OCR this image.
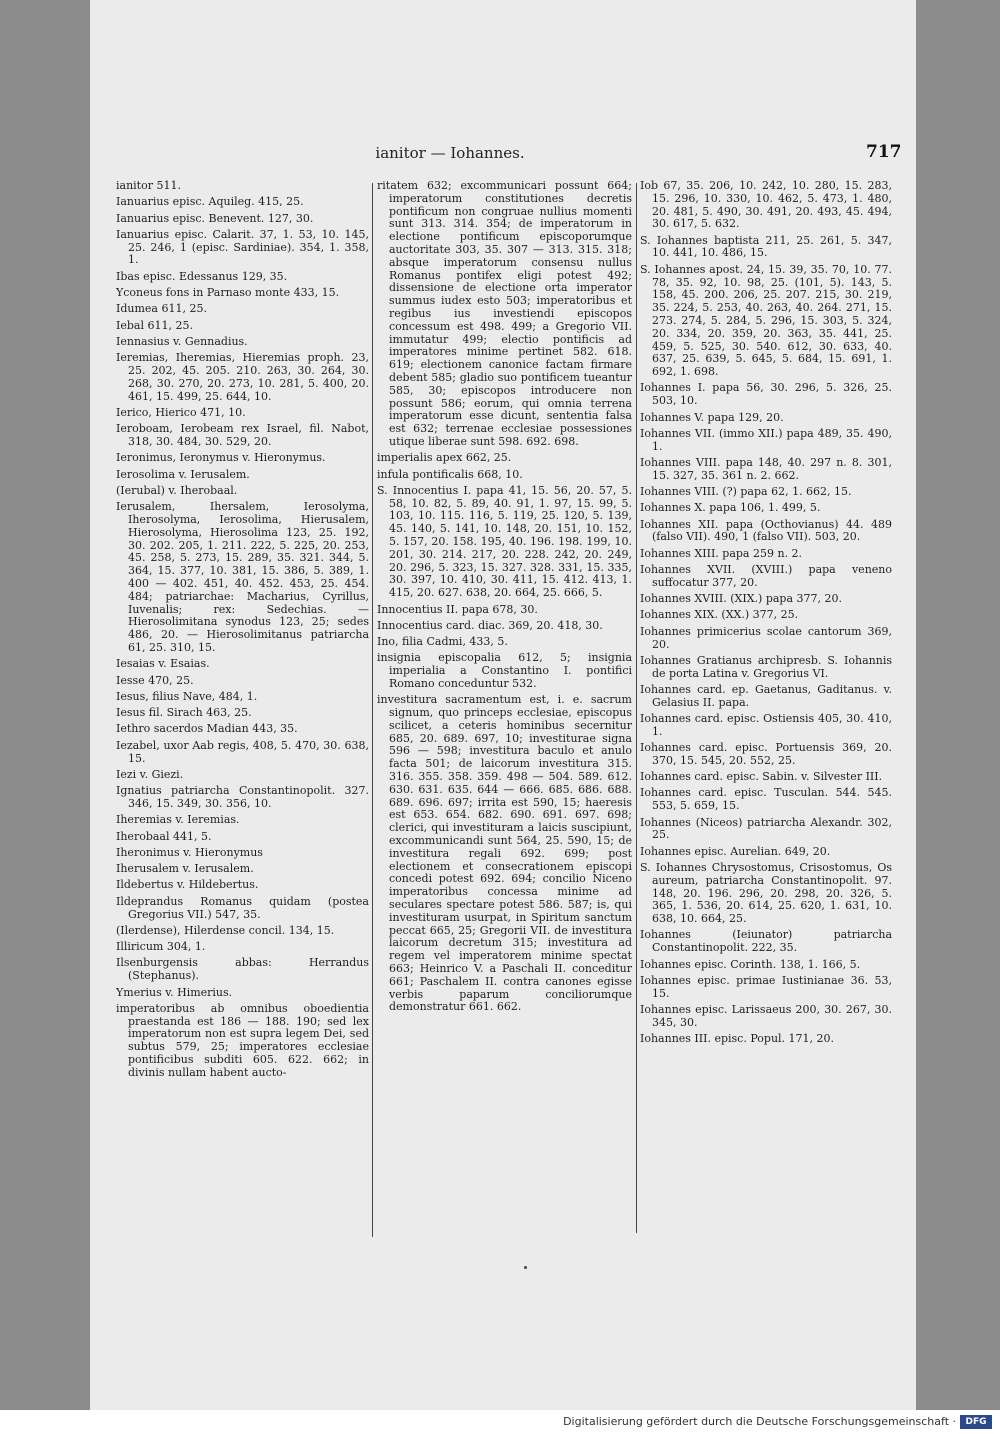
ianitor — Iohannes.	717

ianitor 511.

Ianuarius episc. Aquileg. 415, 25.

Ianuarius episc. Benevent. 127, 30.

Ianuarius episc. Calarit. 37, 1. 53, 10. 145, 25. 246, 1 (episc. Sardiniae). 354, 1. 358, 1.

Ibas episc. Edessanus 129, 35.

Yconeus fons in Parnaso monte 433, 15.

Idumea 611, 25.

Iebal 611, 25.

Iennasius v. Gennadius.

Ieremias, Iheremias, Hieremias proph. 23, 25. 202, 45. 205. 210. 263, 30. 264, 30. 268, 30. 270, 20. 273, 10. 281, 5. 400, 20. 461, 15. 499, 25. 644, 10.

Ierico, Hierico 471, 10.

Ieroboam, Ierobeam rex Israel, fil. Nabot, 318, 30. 484, 30. 529, 20.

Ieronimus, Ieronymus v. Hieronymus.

Ierosolima v. Ierusalem.

(Ierubal) v. Iherobaal.

Ierusalem, Ihersalem, Ierosolyma, Iherosolyma, Ierosolima, Hierusalem, Hierosolyma, Hierosolima 123, 25. 192, 30. 202. 205, 1. 211. 222, 5. 225, 20. 253, 45. 258, 5. 273, 15. 289, 35. 321. 344, 5. 364, 15. 377, 10. 381, 15. 386, 5. 389, 1. 400 — 402. 451, 40. 452. 453, 25. 454. 484; patriarchae: Macharius, Cyrillus, Iuvenalis; rex: Sedechias. — Hierosolimitana synodus 123, 25; sedes 486, 20. — Hierosolimitanus patriarcha 61, 25. 310, 15.

Iesaias v. Esaias.

Iesse 470, 25.

Iesus, filius Nave, 484, 1.

Iesus fil. Sirach 463, 25.

Iethro sacerdos Madian 443, 35.

Iezabel, uxor Aab regis, 408, 5. 470, 30. 638, 15.

Iezi v. Giezi.

Ignatius patriarcha Constantinopolit. 327. 346, 15. 349, 30. 356, 10.

Iheremias v. Ieremias.

Iherobaal 441, 5.

Iheronimus v. Hieronymus

Iherusalem v. Ierusalem.

Ildebertus v. Hildebertus.

Ildeprandus Romanus quidam (postea Gregorius VII.) 547, 35.

(Ilerdense), Hilerdense concil. 134, 15.

Illiricum 304, 1.

Ilsenburgensis abbas: Herrandus (Stephanus).

Ymerius v. Himerius.

imperatoribus ab omnibus oboedientia praestanda est 186 — 188. 190; sed lex imperatorum non est supra legem Dei, sed subtus 579, 25; imperatores ecclesiae pontificibus subditi 605. 622. 662; in divinis nullam habent aucto-

ritatem 632; excommunicari possunt 664; imperatorum constitutiones decretis pontificum non congruae nullius momenti sunt 313. 314. 354; de imperatorum in electione pontificum episcoporumque auctoritate 303, 35. 307 — 313. 315. 318; absque imperatorum consensu nullus Romanus pontifex eligi potest 492; dissensione de electione orta imperator summus iudex esto 503; imperatoribus et regibus ius investiendi episcopos concessum est 498. 499; a Gregorio VII. immutatur 499; electio pontificis ad imperatores minime pertinet 582. 618. 619; electionem canonice factam firmare debent 585; gladio suo pontificem tueantur 585, 30; episcopos introducere non possunt 586; eorum, qui omnia terrena imperatorum esse dicunt, sententia falsa est 632; terrenae ecclesiae possessiones utique liberae sunt 598. 692. 698.

imperialis apex 662, 25.

infula pontificalis 668, 10.

S. Innocentius I. papa 41, 15. 56, 20. 57, 5. 58, 10. 82, 5. 89, 40. 91, 1. 97, 15. 99, 5. 103, 10. 115. 116, 5. 119, 25. 120, 5. 139, 45. 140, 5. 141, 10. 148, 20. 151, 10. 152, 5. 157, 20. 158. 195, 40. 196. 198. 199, 10. 201, 30. 214. 217, 20. 228. 242, 20. 249, 20. 296, 5. 323, 15. 327. 328. 331, 15. 335, 30. 397, 10. 410, 30. 411, 15. 412. 413, 1. 415, 20. 627. 638, 20. 664, 25. 666, 5.

Innocentius II. papa 678, 30.

Innocentius card. diac. 369, 20. 418, 30.

Ino, filia Cadmi, 433, 5.

insignia episcopalia 612, 5; insignia imperialia a Constantino I. pontifici Romano conceduntur 532.

investitura sacramentum est, i. e. sacrum signum, quo princeps ecclesiae, episcopus scilicet, a ceteris hominibus secernitur 685, 20. 689. 697, 10; investiturae signa 596 — 598; investitura baculo et anulo facta 501; de laicorum investitura 315. 316. 355. 358. 359. 498 — 504. 589. 612. 630. 631. 635. 644 — 666. 685. 686. 688. 689. 696. 697; irrita est 590, 15; haeresis est 653. 654. 682. 690. 691. 697. 698; clerici, qui investituram a laicis suscipiunt, excommunicandi sunt 564, 25. 590, 15; de investitura regali 692. 699; post electionem et consecrationem episcopi concedi potest 692. 694; concilio Niceno imperatoribus concessa minime ad seculares spectare potest 586. 587; is, qui investituram usurpat, in Spiritum sanctum peccat 665, 25; Gregorii VII. de investitura laicorum decretum 315; investitura ad regem vel imperatorem minime spectat 663; Heinrico V. a Paschali II. conceditur 661; Paschalem II. contra canones egisse verbis paparum conciliorumque demonstratur 661. 662.

Iob 67, 35. 206, 10. 242, 10. 280, 15. 283, 15. 296, 10. 330, 10. 462, 5. 473, 1. 480, 20. 481, 5. 490, 30. 491, 20. 493, 45. 494, 30. 617, 5. 632.

S. Iohannes baptista 211, 25. 261, 5. 347, 10. 441, 10. 486, 15.

S. Iohannes apost. 24, 15. 39, 35. 70, 10. 77. 78, 35. 92, 10. 98, 25. (101, 5). 143, 5. 158, 45. 200. 206, 25. 207. 215, 30. 219, 35. 224, 5. 253, 40. 263, 40. 264. 271, 15. 273. 274, 5. 284, 5. 296, 15. 303, 5. 324, 20. 334, 20. 359, 20. 363, 35. 441, 25. 459, 5. 525, 30. 540. 612, 30. 633, 40. 637, 25. 639, 5. 645, 5. 684, 15. 691, 1. 692, 1. 698.

Iohannes I. papa 56, 30. 296, 5. 326, 25. 503, 10.

Iohannes V. papa 129, 20.

Iohannes VII. (immo XII.) papa 489, 35. 490, 1.

Iohannes VIII. papa 148, 40. 297 n. 8. 301, 15. 327, 35. 361 n. 2. 662.

Iohannes VIII. (?) papa 62, 1. 662, 15.

Iohannes X. papa 106, 1. 499, 5.

Iohannes XII. papa (Octhovianus) 44. 489 (falso VII). 490, 1 (falso VII). 503, 20.

Iohannes XIII. papa 259 n. 2.

Iohannes XVII. (XVIII.) papa veneno suffocatur 377, 20.

Iohannes XVIII. (XIX.) papa 377, 20.

Iohannes XIX. (XX.) 377, 25.

Iohannes primicerius scolae cantorum 369, 20.

Iohannes Gratianus archipresb. S. Iohannis de porta Latina v. Gregorius VI.

Iohannes card. ep. Gaetanus, Gaditanus. v. Gelasius II. papa.

Iohannes card. episc. Ostiensis 405, 30. 410, 1.

Iohannes card. episc. Portuensis 369, 20. 370, 15. 545, 20. 552, 25.

Iohannes card. episc. Sabin. v. Silvester III.

Iohannes card. episc. Tusculan. 544. 545. 553, 5. 659, 15.

Iohannes (Niceos) patriarcha Alexandr. 302, 25.

Iohannes episc. Aurelian. 649, 20.

S. Iohannes Chrysostomus, Crisostomus, Os aureum, patriarcha Constantinopolit. 97. 148, 20. 196. 296, 20. 298, 20. 326, 5. 365, 1. 536, 20. 614, 25. 620, 1. 631, 10. 638, 10. 664, 25.

Iohannes (Ieiunator) patriarcha Constantinopolit. 222, 35.

Iohannes episc. Corinth. 138, 1. 166, 5.

Iohannes episc. primae Iustinianae 36. 53, 15.

Iohannes episc. Larissaeus 200, 30. 267, 30. 345, 30.

Iohannes III. episc. Popul. 171, 20.

Digitalisierung gefördert durch die Deutsche Forschungsgemeinschaft ·	DFG
